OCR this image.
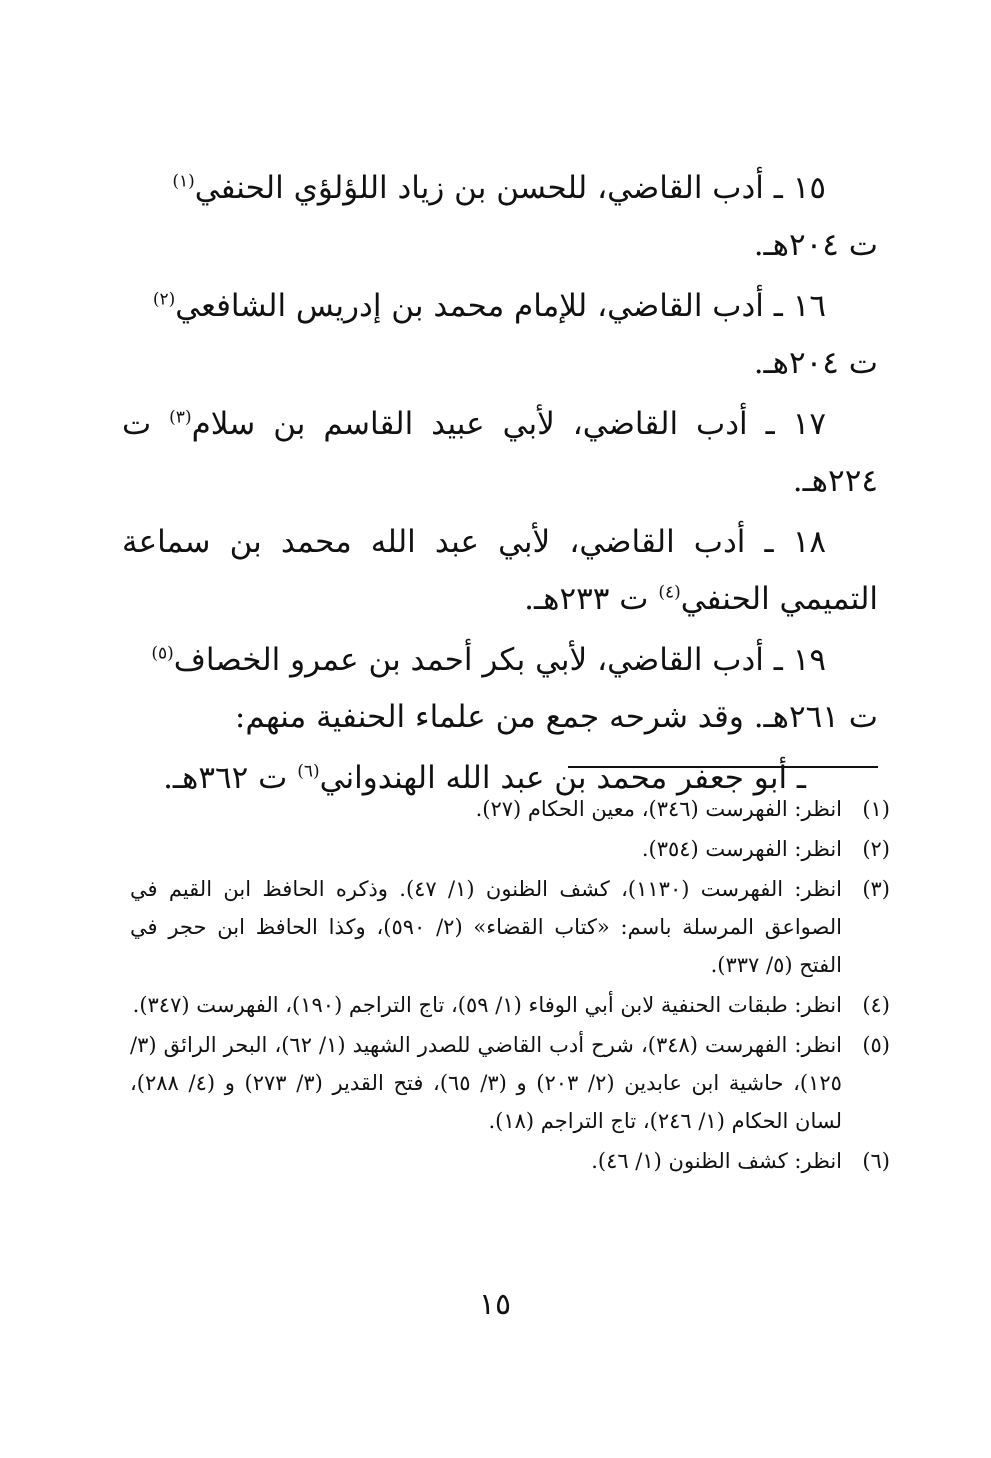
١٥ ـ أدب القاضي، للحسن بن زياد اللؤلؤي الحنفي$^{(١)}$
ت ٢٠٤هـ.

١٦ ـ أدب القاضي، للإمام محمد بن إدريس الشافعي$^{(٢)}$
ت ٢٠٤هـ.

١٧ ـ أدب القاضي، لأبي عبيد القاسم بن سلام$^{(٣)}$ ت ٢٢٤هـ.

١٨ ـ أدب القاضي، لأبي عبد الله محمد بن سماعة التميمي الحنفي$^{(٤)}$ ت ٢٣٣هـ.

١٩ ـ أدب القاضي، لأبي بكر أحمد بن عمرو الخصاف$^{(٥)}$
ت ٢٦١هـ. وقد شرحه جمع من علماء الحنفية منهم:

ـ أبو جعفر محمد بن عبد الله الهندواني$^{(٦)}$ ت ٣٦٢هـ.

(١)
انظر: الفهرست (٣٤٦)، معين الحكام (٢٧).
(٢)
انظر: الفهرست (٣٥٤).
(٣)
انظر: الفهرست (١١٣٠)، كشف الظنون (١/ ٤٧). وذكره الحافظ ابن القيم في الصواعق المرسلة باسم: «كتاب القضاء» (٢/ ٥٩٠)، وكذا الحافظ ابن حجر في الفتح (٥/ ٣٣٧).
(٤)
انظر: طبقات الحنفية لابن أبي الوفاء (١/ ٥٩)، تاج التراجم (١٩٠)، الفهرست (٣٤٧).
(٥)
انظر: الفهرست (٣٤٨)، شرح أدب القاضي للصدر الشهيد (١/ ٦٢)، البحر الرائق (٣/ ١٢٥)، حاشية ابن عابدين (٢/ ٢٠٣) و (٣/ ٦٥)، فتح القدير (٣/ ٢٧٣) و (٤/ ٢٨٨)، لسان الحكام (١/ ٢٤٦)، تاج التراجم (١٨).
(٦)
انظر: كشف الظنون (١/ ٤٦).
١٥
